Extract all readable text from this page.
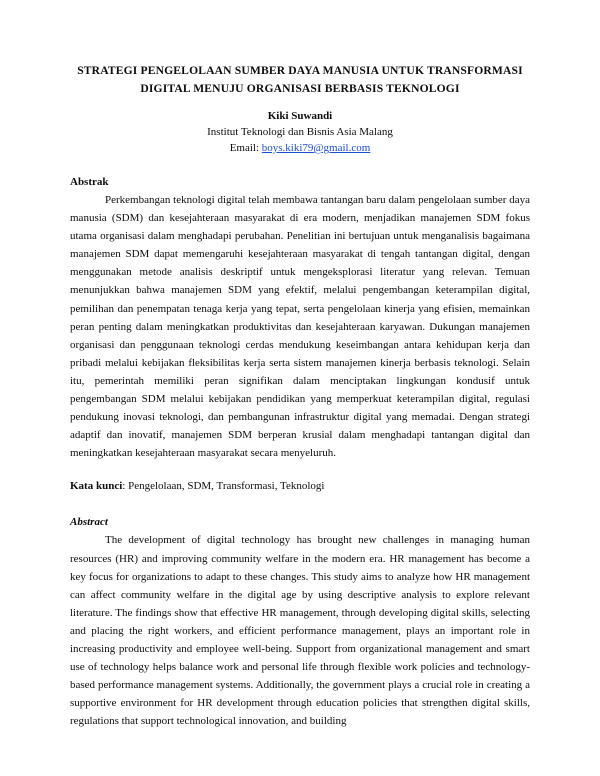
STRATEGI PENGELOLAAN SUMBER DAYA MANUSIA UNTUK TRANSFORMASI DIGITAL MENUJU ORGANISASI BERBASIS TEKNOLOGI

Kiki Suwandi

Institut Teknologi dan Bisnis Asia Malang

Email: boys.kiki79@gmail.com

Abstrak

Perkembangan teknologi digital telah membawa tantangan baru dalam pengelolaan sumber daya manusia (SDM) dan kesejahteraan masyarakat di era modern, menjadikan manajemen SDM fokus utama organisasi dalam menghadapi perubahan. Penelitian ini bertujuan untuk menganalisis bagaimana manajemen SDM dapat memengaruhi kesejahteraan masyarakat di tengah tantangan digital, dengan menggunakan metode analisis deskriptif untuk mengeksplorasi literatur yang relevan. Temuan menunjukkan bahwa manajemen SDM yang efektif, melalui pengembangan keterampilan digital, pemilihan dan penempatan tenaga kerja yang tepat, serta pengelolaan kinerja yang efisien, memainkan peran penting dalam meningkatkan produktivitas dan kesejahteraan karyawan. Dukungan manajemen organisasi dan penggunaan teknologi cerdas mendukung keseimbangan antara kehidupan kerja dan pribadi melalui kebijakan fleksibilitas kerja serta sistem manajemen kinerja berbasis teknologi. Selain itu, pemerintah memiliki peran signifikan dalam menciptakan lingkungan kondusif untuk pengembangan SDM melalui kebijakan pendidikan yang memperkuat keterampilan digital, regulasi pendukung inovasi teknologi, dan pembangunan infrastruktur digital yang memadai. Dengan strategi adaptif dan inovatif, manajemen SDM berperan krusial dalam menghadapi tantangan digital dan meningkatkan kesejahteraan masyarakat secara menyeluruh.

Kata kunci: Pengelolaan, SDM, Transformasi, Teknologi

Abstract

The development of digital technology has brought new challenges in managing human resources (HR) and improving community welfare in the modern era. HR management has become a key focus for organizations to adapt to these changes. This study aims to analyze how HR management can affect community welfare in the digital age by using descriptive analysis to explore relevant literature. The findings show that effective HR management, through developing digital skills, selecting and placing the right workers, and efficient performance management, plays an important role in increasing productivity and employee well-being. Support from organizational management and smart use of technology helps balance work and personal life through flexible work policies and technology-based performance management systems. Additionally, the government plays a crucial role in creating a supportive environment for HR development through education policies that strengthen digital skills, regulations that support technological innovation, and building
